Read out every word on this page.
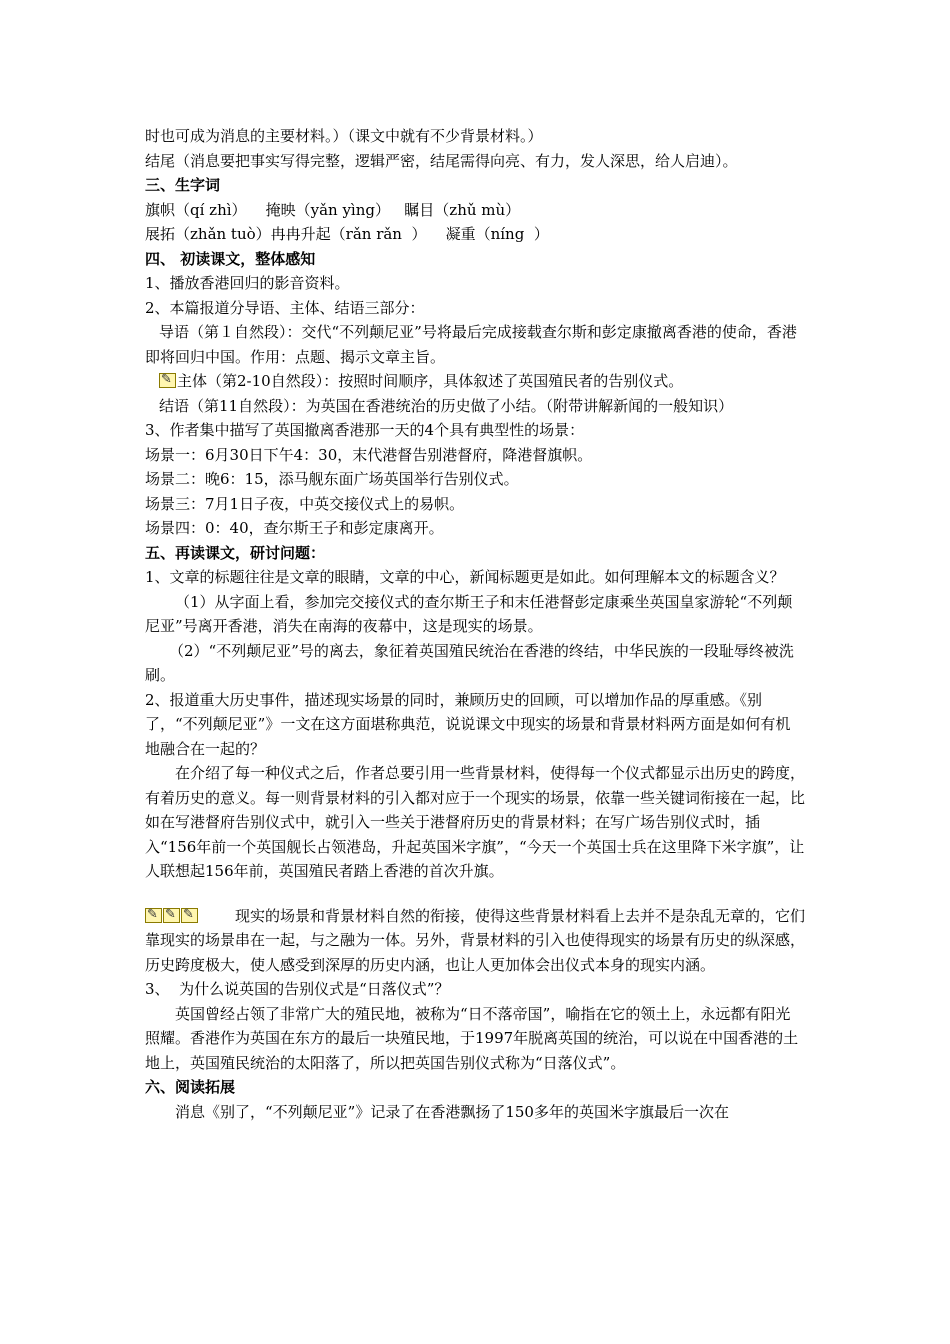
时也可成为消息的主要材料。）（课文中就有不少背景材料。）

结尾（消息要把事实写得完整，逻辑严密，结尾需得向亮、有力，发人深思，给人启迪）。

三、生字词

旗帜（qí zhì）    掩映（yǎn yìng）   瞩目（zhǔ mù）

展拓（zhǎn tuò）冉冉升起（rǎn rǎn  ）    凝重（níng  ）

四、 初读课文，整体感知

1、播放香港回归的影音资料。

2、本篇报道分导语、主体、结语三部分：

导语（第１自然段）：交代“不列颠尼亚”号将最后完成接载查尔斯和彭定康撤离香港的使命，香港即将回归中国。作用：点题、揭示文章主旨。

✎主体（第2-10自然段）：按照时间顺序，具体叙述了英国殖民者的告别仪式。

结语（第11自然段）：为英国在香港统治的历史做了小结。（附带讲解新闻的一般知识）

3、作者集中描写了英国撤离香港那一天的4个具有典型性的场景：

场景一：6月30日下午4：30，末代港督告别港督府，降港督旗帜。

场景二：晚6：15，添马舰东面广场英国举行告别仪式。

场景三：7月1日子夜，中英交接仪式上的易帜。

场景四：0：40，查尔斯王子和彭定康离开。

五、再读课文，研讨问题：

1、文章的标题往往是文章的眼睛，文章的中心，新闻标题更是如此。如何理解本文的标题含义？

（1）从字面上看，参加完交接仪式的查尔斯王子和末任港督彭定康乘坐英国皇家游轮“不列颠尼亚”号离开香港，消失在南海的夜幕中，这是现实的场景。

（2）“不列颠尼亚”号的离去，象征着英国殖民统治在香港的终结，中华民族的一段耻辱终被洗刷。

2、报道重大历史事件，描述现实场景的同时，兼顾历史的回顾，可以增加作品的厚重感。《别了，“不列颠尼亚”》一文在这方面堪称典范，说说课文中现实的场景和背景材料两方面是如何有机地融合在一起的？

在介绍了每一种仪式之后，作者总要引用一些背景材料，使得每一个仪式都显示出历史的跨度，有着历史的意义。每一则背景材料的引入都对应于一个现实的场景，依靠一些关键词衔接在一起，比如在写港督府告别仪式中，就引入一些关于港督府历史的背景材料；在写广场告别仪式时，插入“156年前一个英国舰长占领港岛，升起英国米字旗”，“今天一个英国士兵在这里降下米字旗”，让人联想起156年前，英国殖民者踏上香港的首次升旗。

✎✎✎现实的场景和背景材料自然的衔接，使得这些背景材料看上去并不是杂乱无章的，它们靠现实的场景串在一起，与之融为一体。另外，背景材料的引入也使得现实的场景有历史的纵深感，历史跨度极大，使人感受到深厚的历史内涵，也让人更加体会出仪式本身的现实内涵。

3、  为什么说英国的告别仪式是“日落仪式”？

英国曾经占领了非常广大的殖民地，被称为“日不落帝国”，喻指在它的领土上，永远都有阳光照耀。香港作为英国在东方的最后一块殖民地，于1997年脱离英国的统治，可以说在中国香港的土地上，英国殖民统治的太阳落了，所以把英国告别仪式称为“日落仪式”。

六、阅读拓展

消息《别了，“不列颠尼亚”》记录了在香港飘扬了150多年的英国米字旗最后一次在
